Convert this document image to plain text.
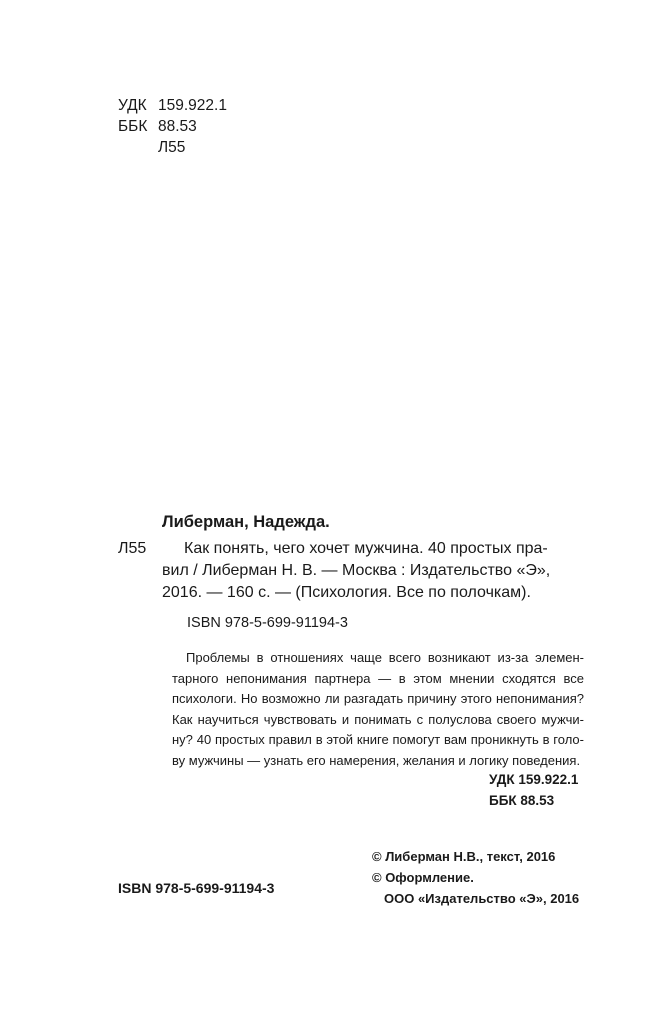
УДК 159.922.1
ББК 88.53
Л55
Либерман, Надежда.
Л55	Как понять, чего хочет мужчина. 40 простых пра-
вил / Либерман Н. В. — Москва : Издательство «Э»,
2016. — 160 с. — (Психология. Все по полочкам).
ISBN 978-5-699-91194-3
Проблемы в отношениях чаще всего возникают из-за элемен-
тарного непонимания партнера — в этом мнении сходятся все
психологи. Но возможно ли разгадать причину этого непонимания?
Как научиться чувствовать и понимать с полуслова своего мужчи-
ну? 40 простых правил в этой книге помогут вам проникнуть в голо-
ву мужчины — узнать его намерения, желания и логику поведения.
УДК 159.922.1
ББК 88.53
© Либерман Н.В., текст, 2016
© Оформление.
ООО «Издательство «Э», 2016
ISBN 978-5-699-91194-3
